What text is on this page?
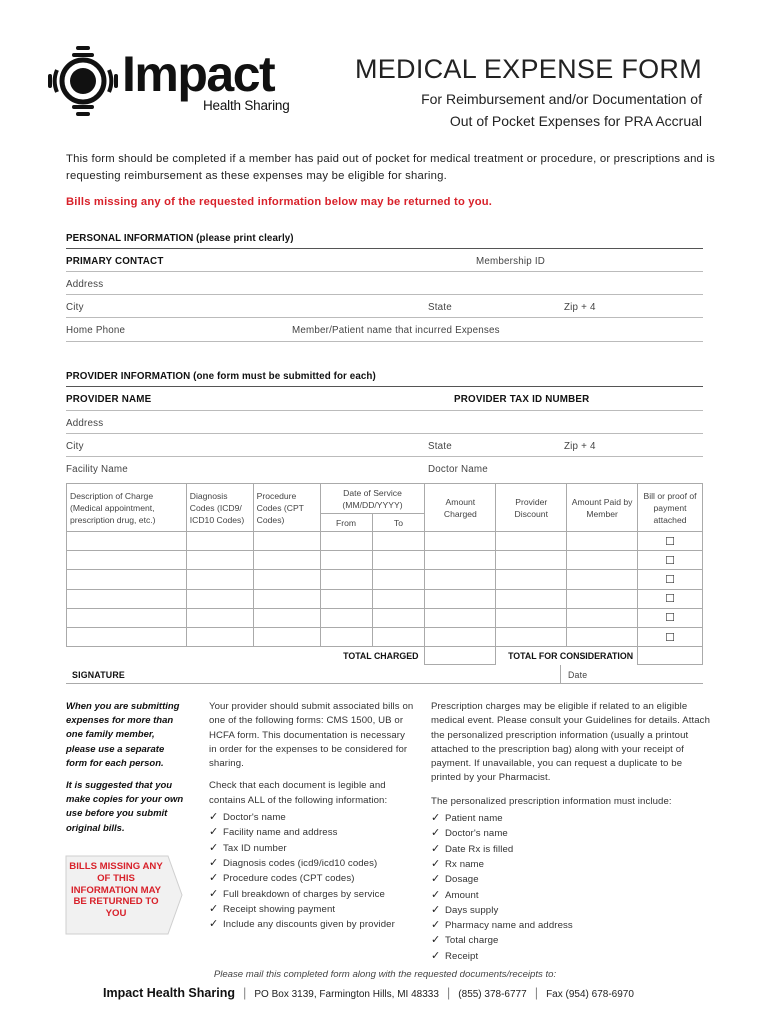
Impact
Health Sharing
MEDICAL EXPENSE FORM
For Reimbursement and/or Documentation of
Out of Pocket Expenses for PRA Accrual
This form should be completed if a member has paid out of pocket for medical treatment or procedure, or prescriptions and is requesting reimbursement as these expenses may be eligible for sharing.
Bills missing any of the requested information below may be returned to you.
PERSONAL INFORMATION (please print clearly)
PRIMARY CONTACT	Membership ID
Address
City	State	Zip + 4
Home Phone	Member/Patient name that incurred Expenses
PROVIDER INFORMATION (one form must be submitted for each)
PROVIDER NAME	PROVIDER TAX ID NUMBER
Address
City	State	Zip + 4
Facility Name	Doctor Name
Description of Charge (Medical appointment, prescription drug, etc.)	Diagnosis Codes (ICD9/ ICD10 Codes)	Procedure Codes (CPT Codes)	Date of Service (MM/DD/YYYY)		Amount Charged	Provider Discount	Amount Paid by Member	Bill or proof of payment attached
			From	To				
								☐
								☐
								☐
								☐
								☐
								☐
TOTAL CHARGED						TOTAL FOR CONSIDERATION		
SIGNATURE	Date
When you are submitting expenses for more than one family member, please use a separate form for each person.
It is suggested that you make copies for your own use before you submit original bills.
BILLS MISSING ANY OF THIS INFORMATION MAY BE RETURNED TO YOU
Your provider should submit associated bills on one of the following forms: CMS 1500, UB or HCFA form. This documentation is necessary in order for the expenses to be considered for sharing.
Check that each document is legible and contains ALL of the following information:
✓ Doctor's name
✓ Facility name and address
✓ Tax ID number
✓ Diagnosis codes (icd9/icd10 codes)
✓ Procedure codes (CPT codes)
✓ Full breakdown of charges by service
✓ Receipt showing payment
✓ Include any discounts given by provider
Prescription charges may be eligible if related to an eligible medical event. Please consult your Guidelines for details. Attach the personalized prescription information (usually a printout attached to the prescription bag) along with your receipt of payment. If unavailable, you can request a duplicate to be printed by your Pharmacist.
The personalized prescription information must include:
✓ Patient name
✓ Doctor's name
✓ Date Rx is filled
✓ Rx name
✓ Dosage
✓ Amount
✓ Days supply
✓ Pharmacy name and address
✓ Total charge
✓ Receipt
Please mail this completed form along with the requested documents/receipts to:
Impact Health Sharing | PO Box 3139, Farmington Hills, MI 48333 | (855) 378-6777 | Fax (954) 678-6970
